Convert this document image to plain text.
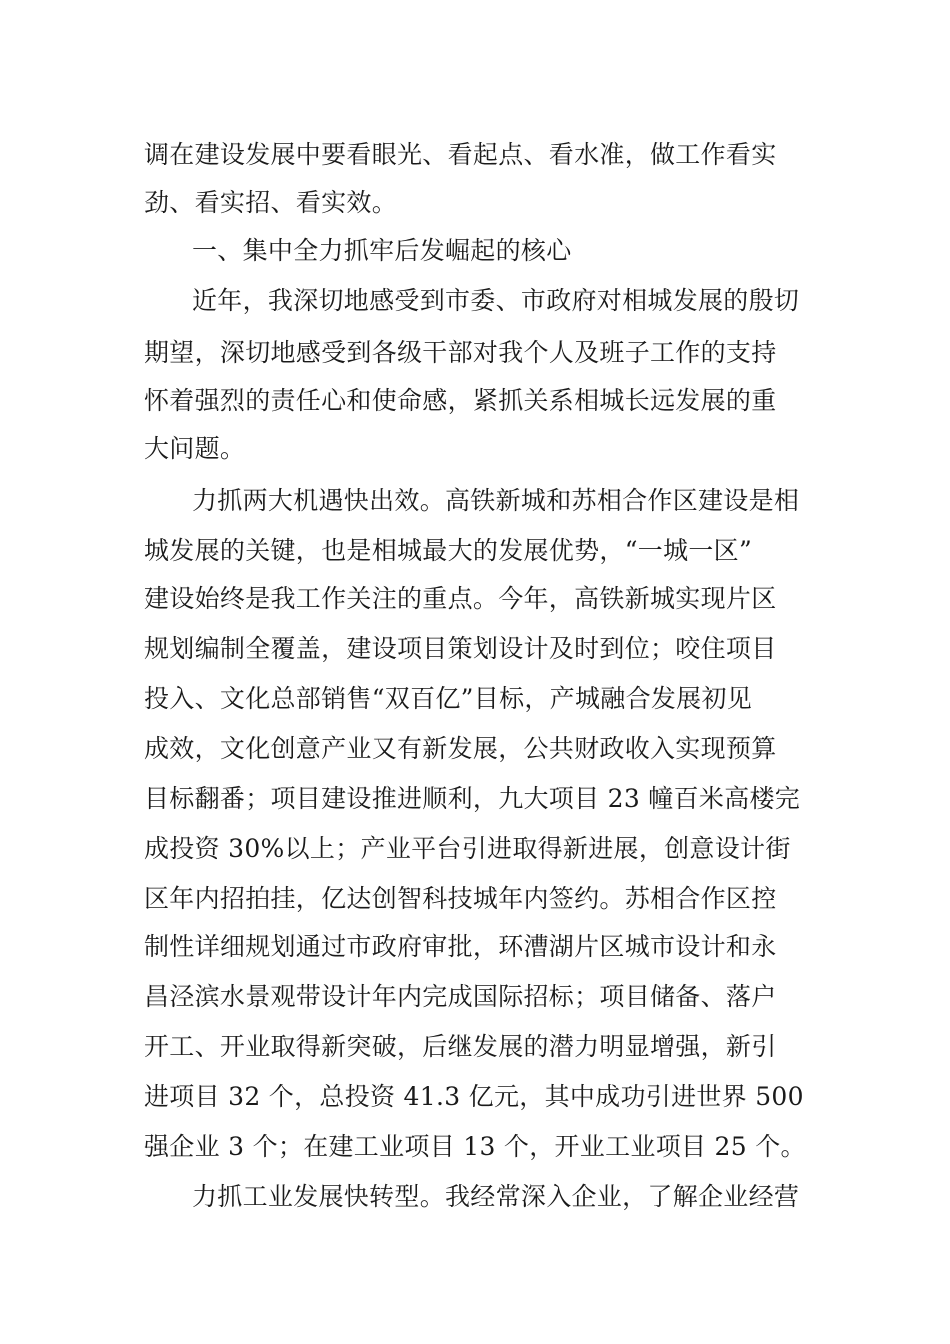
调在建设发展中要看眼光、看起点、看水准，做工作看实
劲、看实招、看实效。
一、集中全力抓牢后发崛起的核心
近年，我深切地感受到市委、市政府对相城发展的殷切
期望，深切地感受到各级干部对我个人及班子工作的支持
怀着强烈的责任心和使命感，紧抓关系相城长远发展的重
大问题。
力抓两大机遇快出效。高铁新城和苏相合作区建设是相
城发展的关键，也是相城最大的发展优势，“一城一区”
建设始终是我工作关注的重点。今年，高铁新城实现片区
规划编制全覆盖，建设项目策划设计及时到位；咬住项目
投入、文化总部销售“双百亿”目标，产城融合发展初见
成效，文化创意产业又有新发展，公共财政收入实现预算
目标翻番；项目建设推进顺利，九大项目 23 幢百米高楼完
成投资 30%以上；产业平台引进取得新进展，创意设计街
区年内招拍挂，亿达创智科技城年内签约。苏相合作区控
制性详细规划通过市政府审批，环漕湖片区城市设计和永
昌泾滨水景观带设计年内完成国际招标；项目储备、落户
开工、开业取得新突破，后继发展的潜力明显增强，新引
进项目 32 个，总投资 41.3 亿元，其中成功引进世界 500
强企业 3 个；在建工业项目 13 个，开业工业项目 25 个。
力抓工业发展快转型。我经常深入企业，了解企业经营
